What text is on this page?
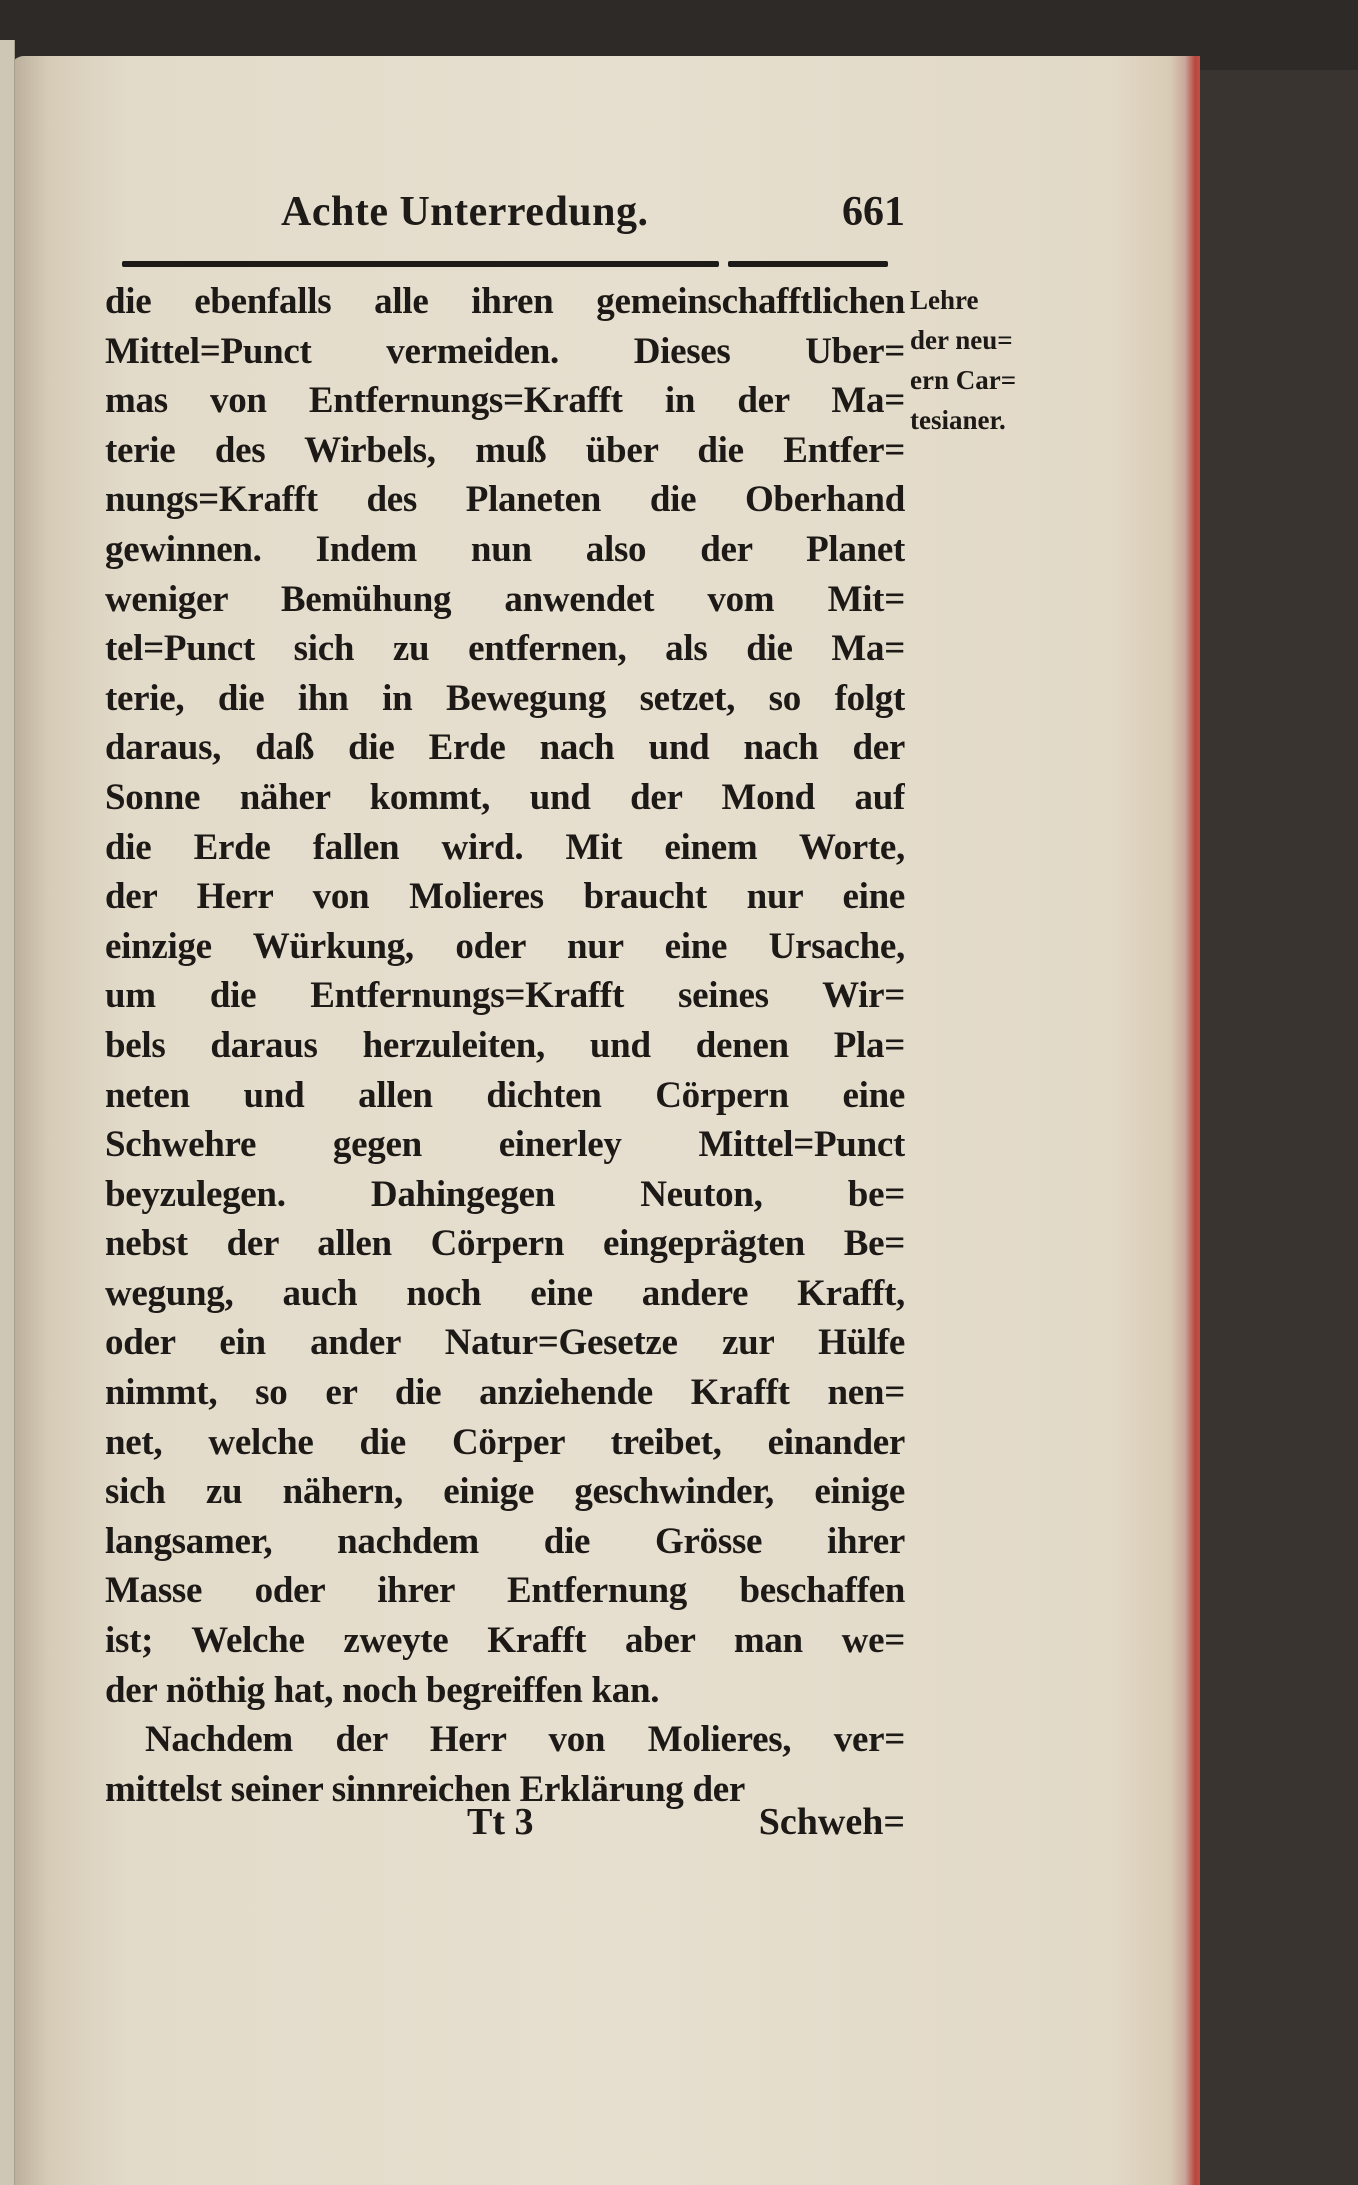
Achte Unterredung.	661
die ebenfalls alle ihren gemeinschafftlichen
Mittel=Punct vermeiden. Dieses Uber=
mas von Entfernungs=Krafft in der Ma=
terie des Wirbels, muß über die Entfer=
nungs=Krafft des Planeten die Oberhand
gewinnen. Indem nun also der Planet
weniger Bemühung anwendet vom Mit=
tel=Punct sich zu entfernen, als die Ma=
terie, die ihn in Bewegung setzet, so folgt
daraus, daß die Erde nach und nach der
Sonne näher kommt, und der Mond auf
die Erde fallen wird. Mit einem Worte,
der Herr von Molieres braucht nur eine
einzige Würkung, oder nur eine Ursache,
um die Entfernungs=Krafft seines Wir=
bels daraus herzuleiten, und denen Pla=
neten und allen dichten Cörpern eine
Schwehre gegen einerley Mittel=Punct
beyzulegen. Dahingegen Neuton, be=
nebst der allen Cörpern eingeprägten Be=
wegung, auch noch eine andere Krafft,
oder ein ander Natur=Gesetze zur Hülfe
nimmt, so er die anziehende Krafft nen=
net, welche die Cörper treibet, einander
sich zu nähern, einige geschwinder, einige
langsamer, nachdem die Grösse ihrer
Masse oder ihrer Entfernung beschaffen
ist; Welche zweyte Krafft aber man we=
der nöthig hat, noch begreiffen kan.
Nachdem der Herr von Molieres, ver=
mittelst seiner sinnreichen Erklärung der
Lehre
der neu=
ern Car=
tesianer.
Tt 3	Schweh=
